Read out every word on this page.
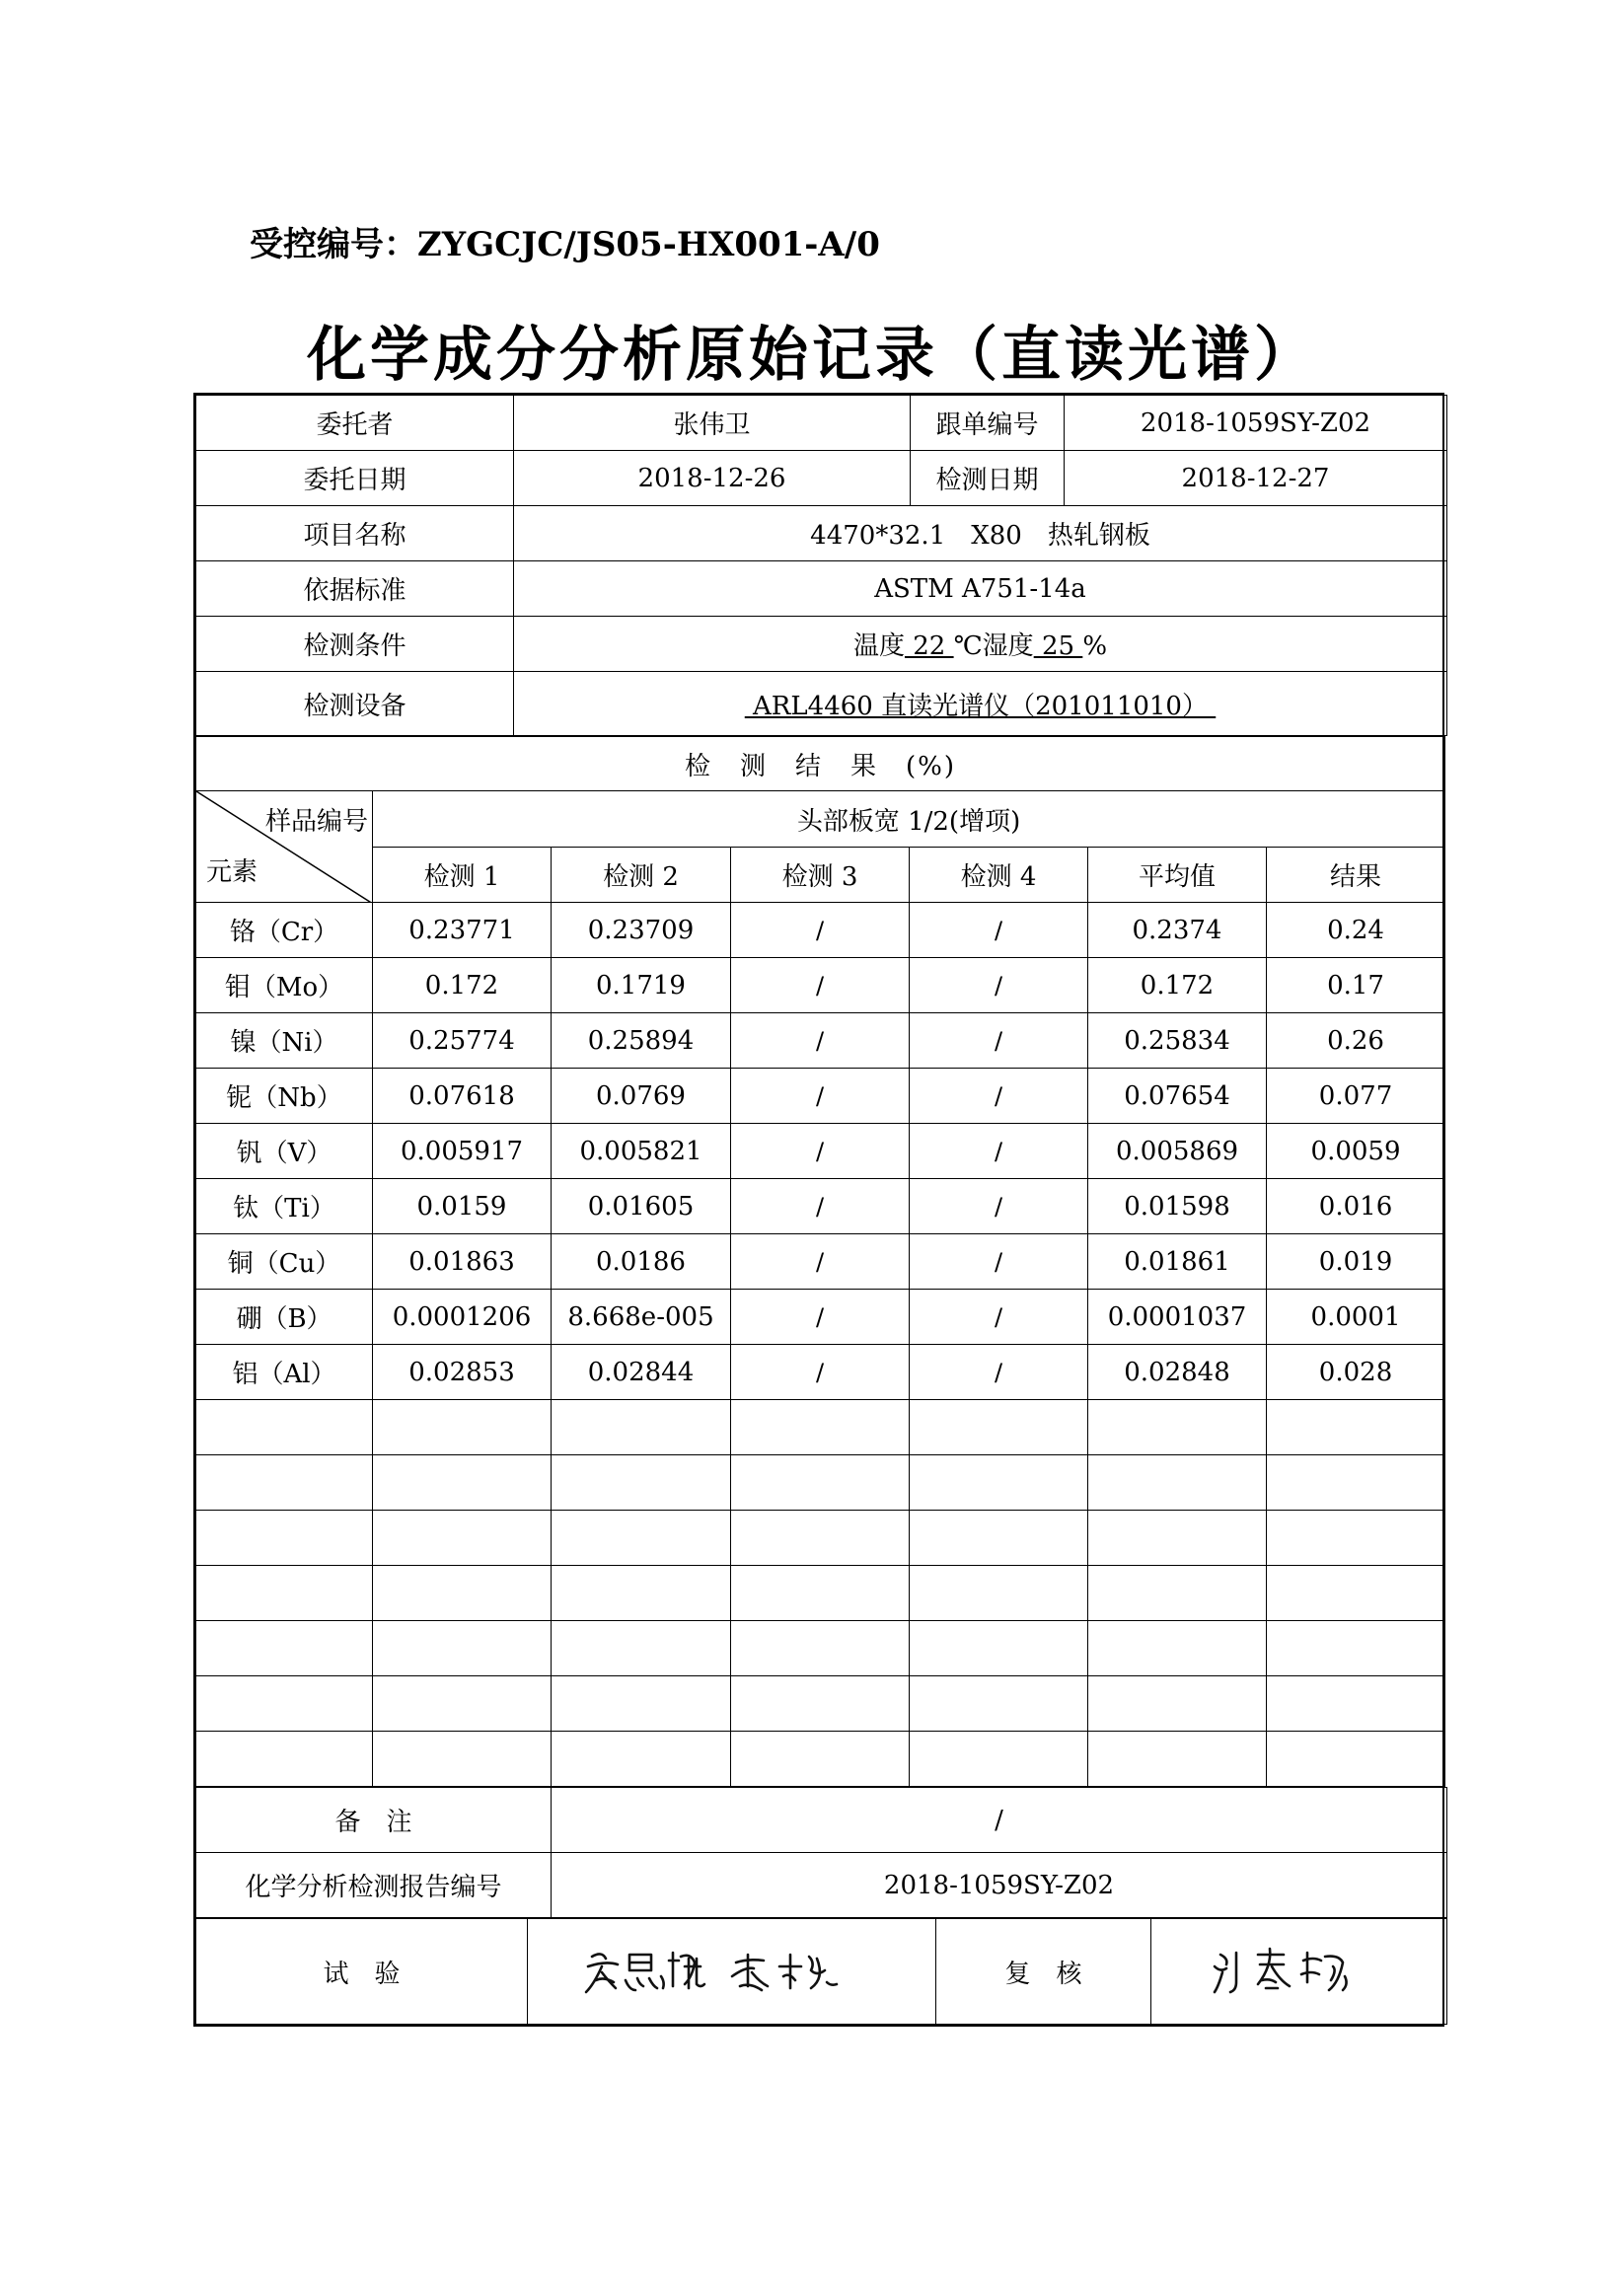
受控编号：ZYGCJC/JS05-HX001-A/0
化学成分分析原始记录（直读光谱）
委托者	张伟卫	跟单编号	2018-1059SY-Z02
委托日期	2018-12-26	检测日期	2018-12-27
项目名称	4470*32.1　X80　热轧钢板		
依据标准	ASTM A751-14a		
检测条件	温度 22 ℃湿度 25 %		
检测设备	ARL4460 直读光谱仪（201011010）		
检　测　结　果　(%)						

样品编号
元素	头部板宽 1/2(增项)					
	检测 1	检测 2	检测 3	检测 4	平均值	结果
铬（Cr）	0.23771	0.23709	/	/	0.2374	0.24
钼（Mo）	0.172	0.1719	/	/	0.172	0.17
镍（Ni）	0.25774	0.25894	/	/	0.25834	0.26
铌（Nb）	0.07618	0.0769	/	/	0.07654	0.077
钒（V）	0.005917	0.005821	/	/	0.005869	0.0059
钛（Ti）	0.0159	0.01605	/	/	0.01598	0.016
铜（Cu）	0.01863	0.0186	/	/	0.01861	0.019
硼（B）	0.0001206	8.668e-005	/	/	0.0001037	0.0001
铝（Al）	0.02853	0.02844	/	/	0.02848	0.028

备　注	/
化学分析检测报告编号	2018-1059SY-Z02
试　验		复　核	
